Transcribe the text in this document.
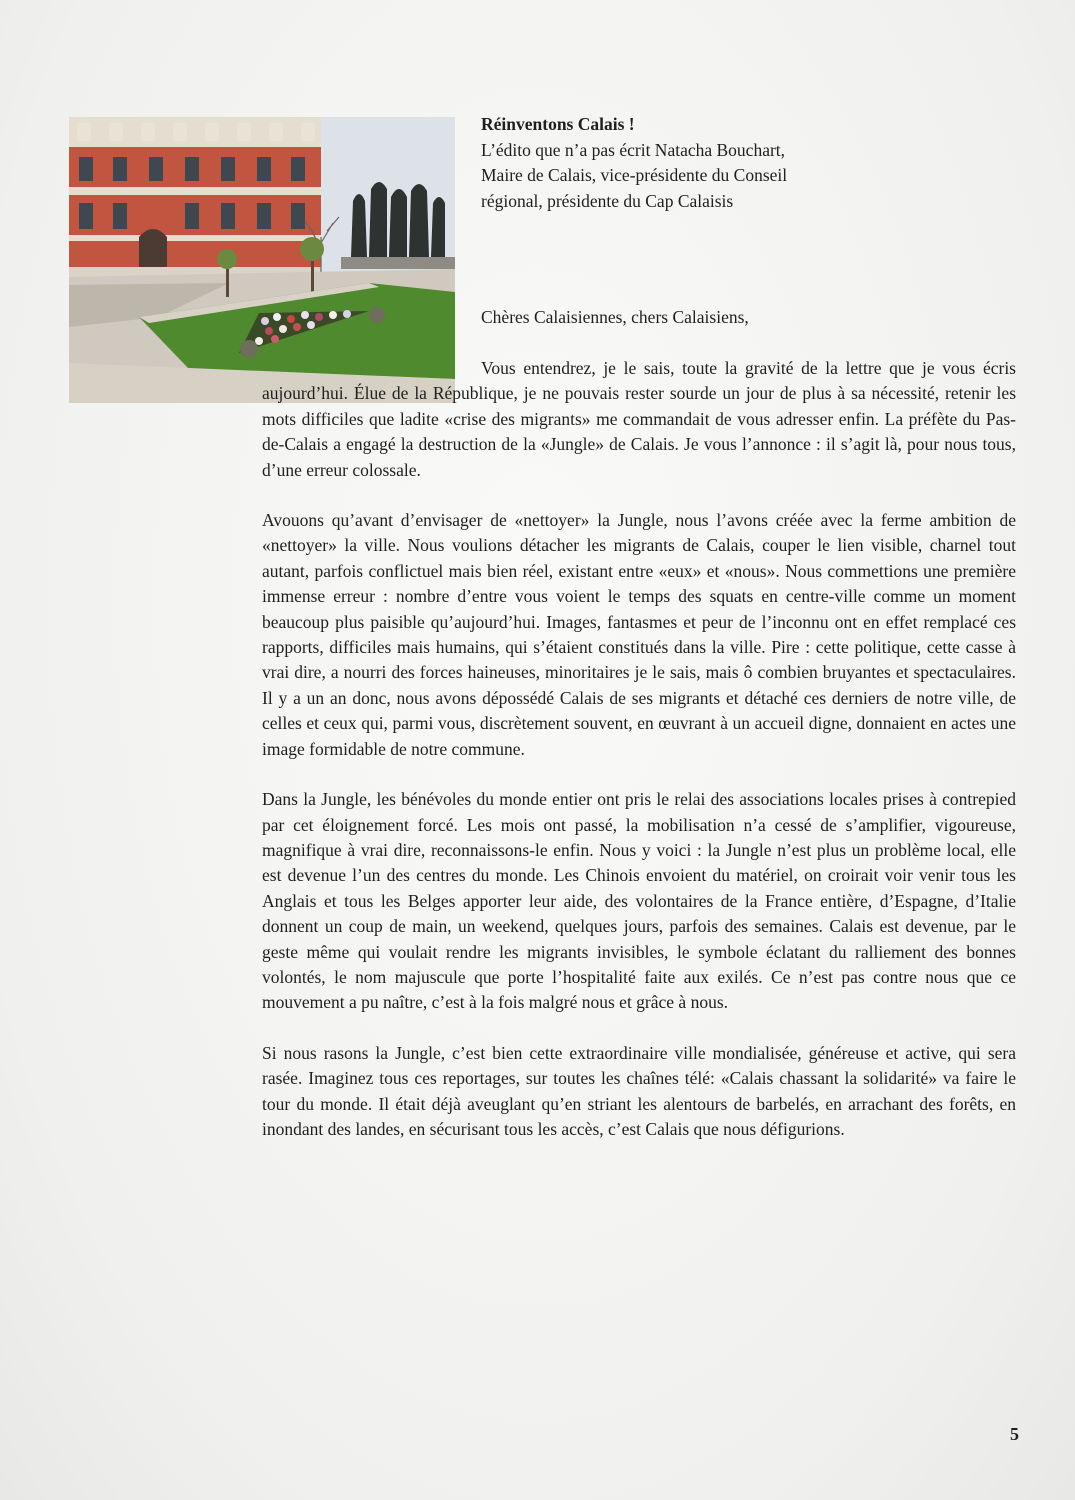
Réinventons Calais !

L’édito que n’a pas écrit Natacha Bouchart,

Maire de Calais, vice-présidente du Conseil

régional, présidente du Cap Calaisis

Chères Calaisiennes, chers Calaisiens,

Vous entendrez, je le sais, toute la gravité de la lettre que je vous écris aujourd’hui. Élue de la République, je ne pouvais rester sourde un jour de plus à sa nécessité, retenir les mots difficiles que ladite «crise des migrants» me commandait de vous adresser enfin. La préfète du Pas-de-Calais a engagé la destruction de la «Jungle» de Calais. Je vous l’annonce : il s’agit là, pour nous tous, d’une erreur colossale.

Avouons qu’avant d’envisager de «nettoyer» la Jungle, nous l’avons créée avec la ferme ambition de «nettoyer» la ville. Nous voulions détacher les migrants de Calais, couper le lien visible, charnel tout autant, parfois conflictuel mais bien réel, existant entre «eux» et «nous». Nous commettions une première immense erreur : nombre d’entre vous voient le temps des squats en centre-ville comme un moment beaucoup plus paisible qu’aujourd’hui. Images, fantasmes et peur de l’inconnu ont en effet remplacé ces rapports, difficiles mais humains, qui s’étaient constitués dans la ville. Pire : cette politique, cette casse à vrai dire, a nourri des forces haineuses, minoritaires je le sais, mais ô combien bruyantes et spectaculaires. Il y a un an donc, nous avons dépossédé Calais de ses migrants et détaché ces derniers de notre ville, de celles et ceux qui, parmi vous, discrètement souvent, en œuvrant à un accueil digne, donnaient en actes une image formidable de notre commune.

Dans la Jungle, les bénévoles du monde entier ont pris le relai des associations locales prises à contrepied par cet éloignement forcé. Les mois ont passé, la mobilisation n’a cessé de s’amplifier, vigoureuse, magnifique à vrai dire, reconnaissons-le enfin. Nous y voici : la Jungle n’est plus un problème local, elle est devenue l’un des centres du monde. Les Chinois envoient du matériel, on croirait voir venir tous les Anglais et tous les Belges apporter leur aide, des volontaires de la France entière, d’Espagne, d’Italie donnent un coup de main, un weekend, quelques jours, parfois des semaines. Calais est devenue, par le geste même qui voulait rendre les migrants invisibles, le symbole éclatant du ralliement des bonnes volontés, le nom majuscule que porte l’hospitalité faite aux exilés. Ce n’est pas contre nous que ce mouvement a pu naître, c’est à la fois malgré nous et grâce à nous.

Si nous rasons la Jungle, c’est bien cette extraordinaire ville mondialisée, généreuse et active, qui sera rasée. Imaginez tous ces reportages, sur toutes les chaînes télé: «Calais chassant la solidarité» va faire le tour du monde. Il était déjà aveuglant qu’en striant les alentours de barbelés, en arrachant des forêts, en inondant des landes, en sécurisant tous les accès, c’est Calais que nous défigurions.

5
